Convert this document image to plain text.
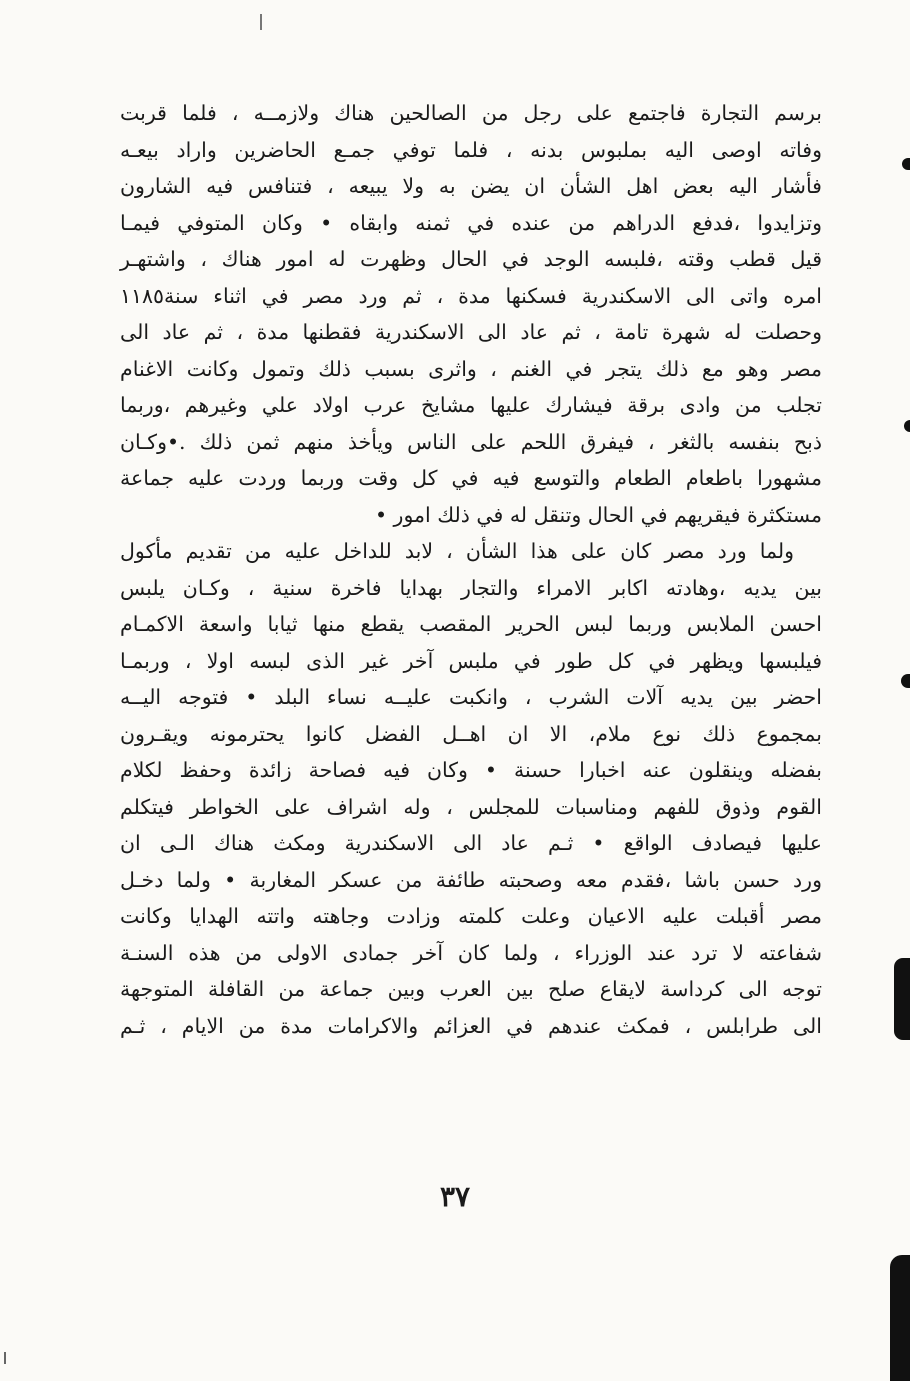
برسم التجارة فاجتمع على رجل من الصالحين هناك ولازمــه ، فلما قربت
وفاته اوصى اليه بملبوس بدنه ، فلما توفي جمـع الحاضرين واراد بيعـه
فأشار اليه بعض اهل الشأن ان يضن به ولا يبيعه ، فتنافس فيه الشارون
وتزايدوا ،فدفع الدراهم من عنده في ثمنه وابقاه • وكان المتوفي فيمـا
قيل قطب وقته ،فلبسه الوجد في الحال وظهرت له امور هناك ، واشتهـر
امره واتى الى الاسكندرية فسكنها مدة ، ثم ورد مصر في اثناء سنة١١٨٥
وحصلت له شهرة تامة ، ثم عاد الى الاسكندرية فقطنها مدة ، ثم عاد الى
مصر وهو مع ذلك يتجر في الغنم ، واثرى بسبب ذلك وتمول وكانت الاغنام
تجلب من وادى برقة فيشارك عليها مشايخ عرب اولاد علي وغيرهم ،وربما
ذبح بنفسه بالثغر ، فيفرق اللحم على الناس ويأخذ منهم ثمن ذلك .•وكـان
مشهورا باطعام الطعام والتوسع فيه في كل وقت وربما وردت عليه جماعة
مستكثرة فيقريهم في الحال وتنقل له في ذلك امور •
ولما ورد مصر كان على هذا الشأن ، لابد للداخل عليه من تقديم مأكول
بين يديه ،وهادته اكابر الامراء والتجار بهدايا فاخرة سنية ، وكـان يلبس
احسن الملابس وربما لبس الحرير المقصب يقطع منها ثيابا واسعة الاكمـام
فيلبسها ويظهر في كل طور في ملبس آخر غير الذى لبسه اولا ، وربمـا
احضر بين يديه آلات الشرب ، وانكبت عليــه نساء البلد • فتوجه اليــه
بمجموع ذلك نوع ملام، الا ان اهــل الفضل كانوا يحترمونه ويقـرون
بفضله وينقلون عنه اخبارا حسنة • وكان فيه فصاحة زائدة وحفظ لكلام
القوم وذوق للفهم ومناسبات للمجلس ، وله اشراف على الخواطر فيتكلم
عليها فيصادف الواقع • ثـم عاد الى الاسكندرية ومكث هناك الـى ان
ورد حسن باشا ،فقدم معه وصحبته طائفة من عسكر المغاربة • ولما دخـل
مصر أقبلت عليه الاعيان وعلت كلمته وزادت وجاهته واتته الهدايا وكانت
شفاعته لا ترد عند الوزراء ، ولما كان آخر جمادى الاولى من هذه السنـة
توجه الى كرداسة لايقاع صلح بين العرب وبين جماعة من القافلة المتوجهة
الى طرابلس ، فمكث عندهم في العزائم والاكرامات مدة من الايام ، ثـم
٣٧
